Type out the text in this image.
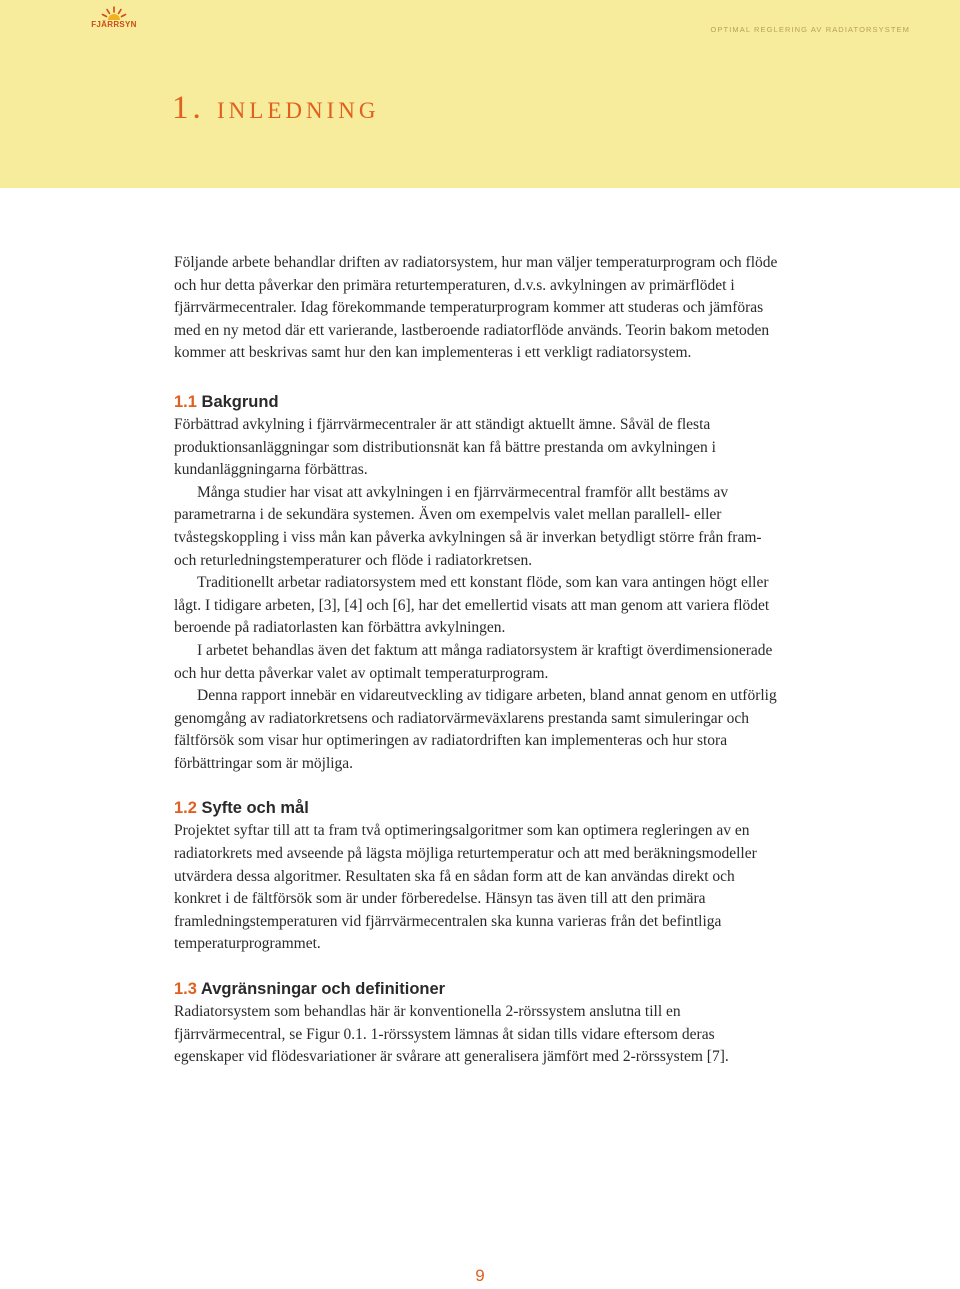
FJÄRRSYN
OPTIMAL REGLERING AV RADIATORSYSTEM
1. inledning

Följande arbete behandlar driften av radiatorsystem, hur man väljer temperaturprogram och flöde och hur detta påverkar den primära returtemperaturen, d.v.s. avkylningen av primärflödet i fjärrvärmecentraler. Idag förekommande temperaturprogram kommer att studeras och jämföras med en ny metod där ett varierande, lastberoende radiatorflöde används. Teorin bakom metoden kommer att beskrivas samt hur den kan implementeras i ett verkligt radiatorsystem.

1.1 Bakgrund

Förbättrad avkylning i fjärrvärmecentraler är att ständigt aktuellt ämne. Såväl de flesta produktionsanläggningar som distributionsnät kan få bättre prestanda om avkylningen i kundanläggningarna förbättras.

Många studier har visat att avkylningen i en fjärrvärmecentral framför allt bestäms av parametrarna i de sekundära systemen. Även om exempelvis valet mellan parallell- eller tvåstegskoppling i viss mån kan påverka avkylningen så är inverkan betydligt större från fram- och returledningstemperaturer och flöde i radiatorkretsen.

Traditionellt arbetar radiatorsystem med ett konstant flöde, som kan vara antingen högt eller lågt. I tidigare arbeten, [3], [4] och [6], har det emellertid visats att man genom att variera flödet beroende på radiatorlasten kan förbättra avkylningen.

I arbetet behandlas även det faktum att många radiatorsystem är kraftigt överdimensionerade och hur detta påverkar valet av optimalt temperaturprogram.

Denna rapport innebär en vidareutveckling av tidigare arbeten, bland annat genom en utförlig genomgång av radiatorkretsens och radiatorvärmeväxlarens prestanda samt simuleringar och fältförsök som visar hur optimeringen av radiatordriften kan implementeras och hur stora förbättringar som är möjliga.

1.2 Syfte och mål

Projektet syftar till att ta fram två optimeringsalgoritmer som kan optimera regleringen av en radiatorkrets med avseende på lägsta möjliga returtemperatur och att med beräkningsmodeller utvärdera dessa algoritmer. Resultaten ska få en sådan form att de kan användas direkt och konkret i de fältförsök som är under förberedelse. Hänsyn tas även till att den primära framledningstemperaturen vid fjärrvärmecentralen ska kunna varieras från det befintliga temperaturprogrammet.

1.3 Avgränsningar och definitioner

Radiatorsystem som behandlas här är konventionella 2-rörssystem anslutna till en fjärrvärmecentral, se Figur 0.1. 1-rörssystem lämnas åt sidan tills vidare eftersom deras egenskaper vid flödesvariationer är svårare att generalisera jämfört med 2-rörssystem [7].

9
